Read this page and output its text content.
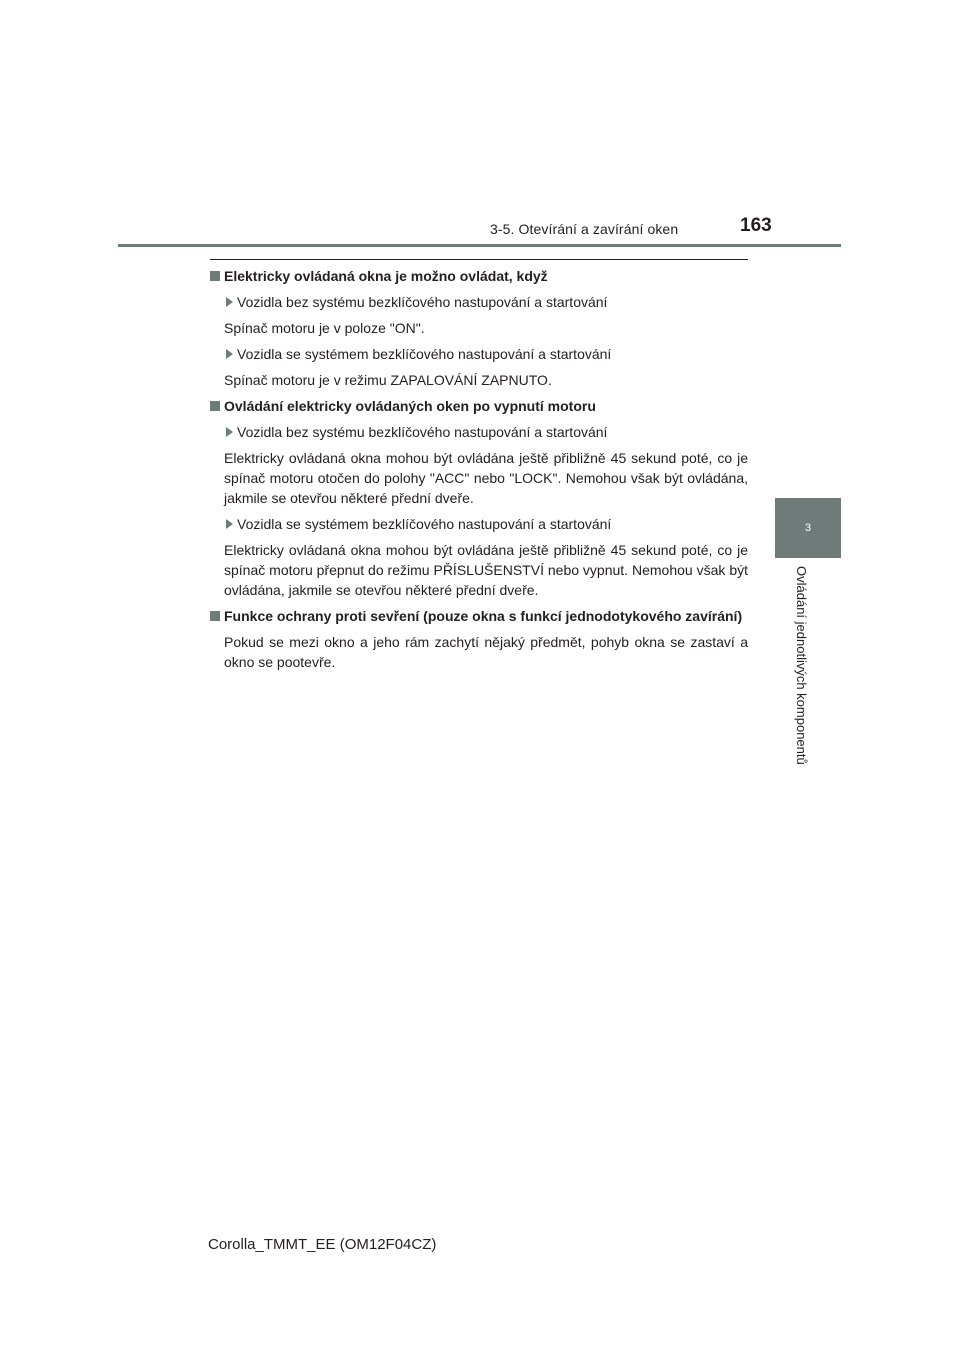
3-5. Otevírání a zavírání oken	163
3
Ovládání jednotlivých komponentů
Elektricky ovládaná okna je možno ovládat, když
Vozidla bez systému bezklíčového nastupování a startování
Spínač motoru je v poloze "ON".
Vozidla se systémem bezklíčového nastupování a startování
Spínač motoru je v režimu ZAPALOVÁNÍ ZAPNUTO.
Ovládání elektricky ovládaných oken po vypnutí motoru
Vozidla bez systému bezklíčového nastupování a startování
Elektricky ovládaná okna mohou být ovládána ještě přibližně 45 sekund poté, co je spínač motoru otočen do polohy "ACC" nebo "LOCK". Nemohou však být ovládána, jakmile se otevřou některé přední dveře.
Vozidla se systémem bezklíčového nastupování a startování
Elektricky ovládaná okna mohou být ovládána ještě přibližně 45 sekund poté, co je spínač motoru přepnut do režimu PŘÍSLUŠENSTVÍ nebo vypnut. Nemohou však být ovládána, jakmile se otevřou některé přední dveře.
Funkce ochrany proti sevření (pouze okna s funkcí jednodotykového zavírání)
Pokud se mezi okno a jeho rám zachytí nějaký předmět, pohyb okna se zastaví a okno se pootevře.
Corolla_TMMT_EE (OM12F04CZ)
